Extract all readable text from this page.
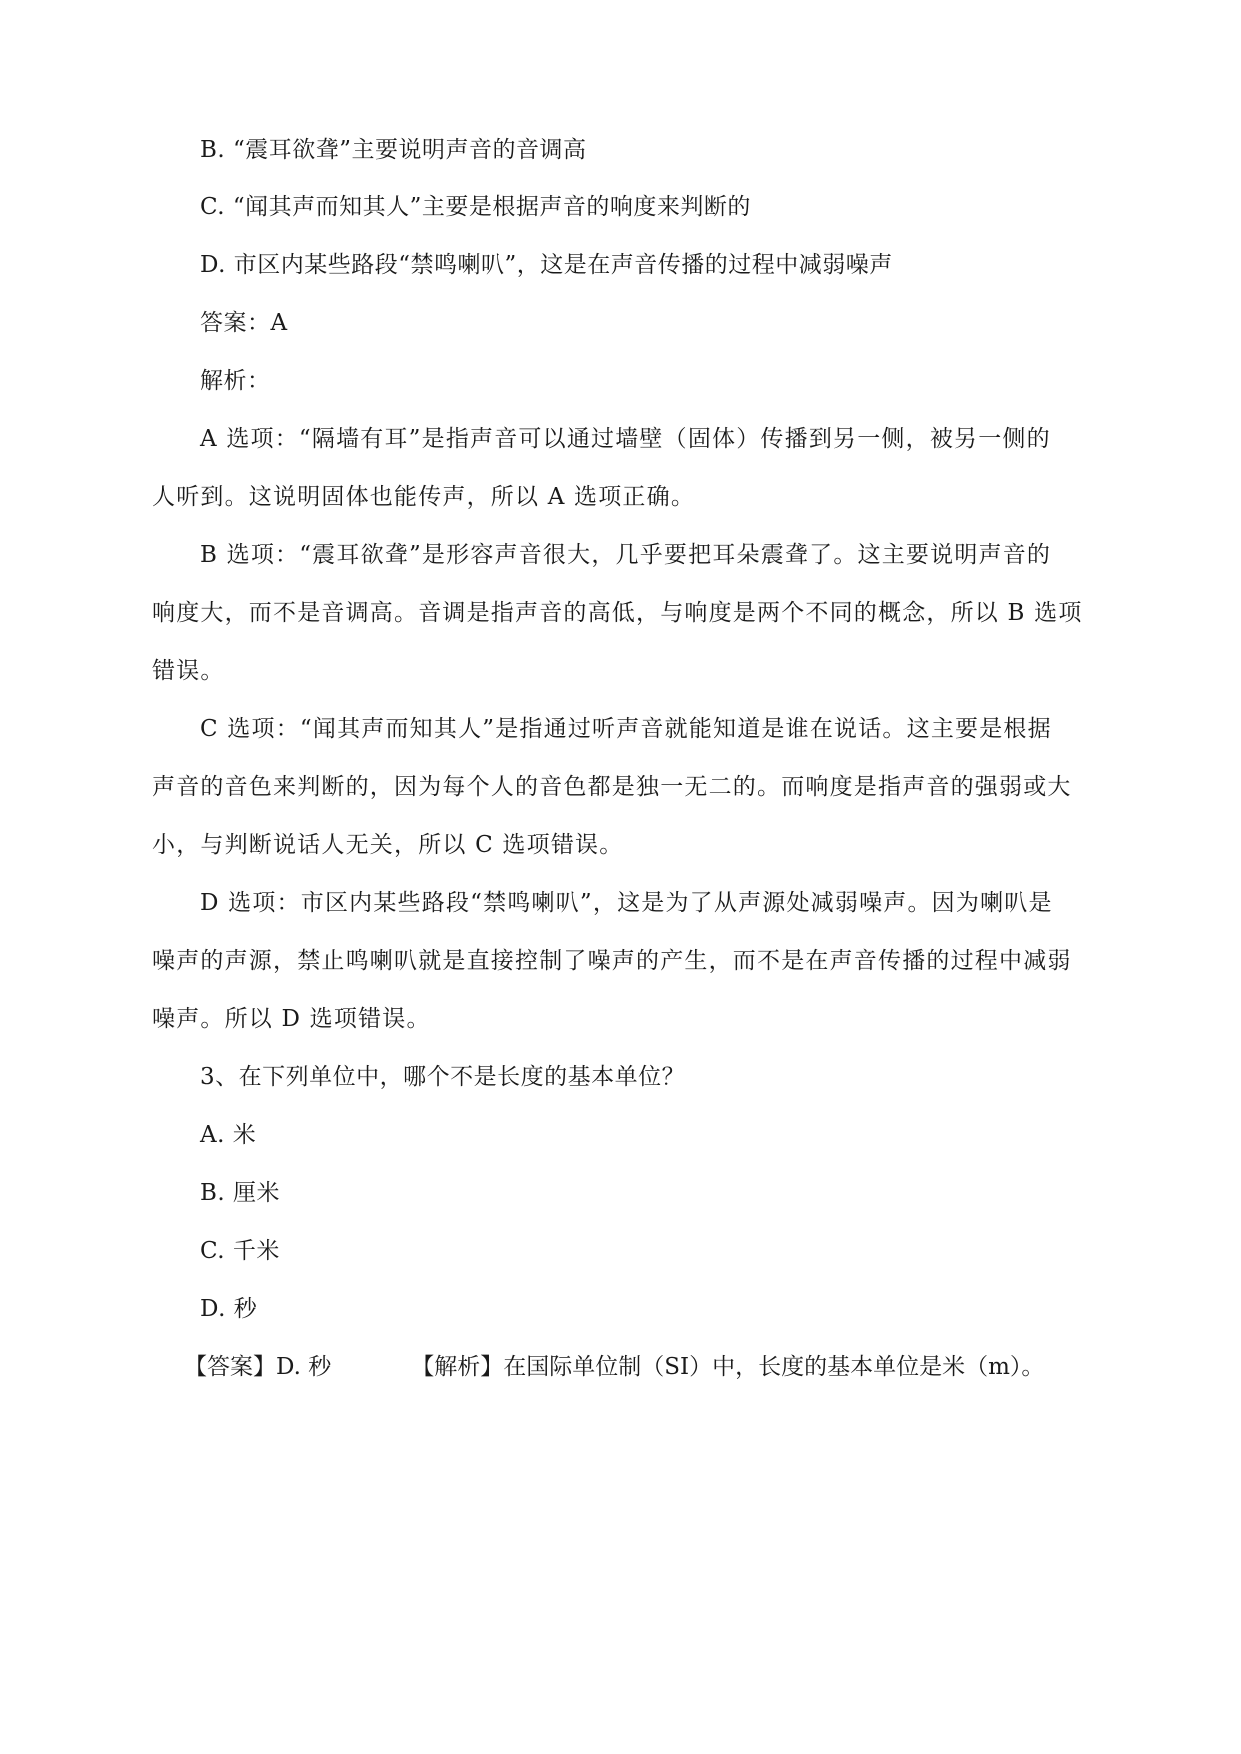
B. “震耳欲聋”主要说明声音的音调高
C. “闻其声而知其人”主要是根据声音的响度来判断的
D. 市区内某些路段“禁鸣喇叭”，这是在声音传播的过程中减弱噪声
答案：A
解析：
A 选项：“隔墙有耳”是指声音可以通过墙壁（固体）传播到另一侧，被另一侧的
人听到。这说明固体也能传声，所以 A 选项正确。
B 选项：“震耳欲聋”是形容声音很大，几乎要把耳朵震聋了。这主要说明声音的
响度大，而不是音调高。音调是指声音的高低，与响度是两个不同的概念，所以 B 选项
错误。
C 选项：“闻其声而知其人”是指通过听声音就能知道是谁在说话。这主要是根据
声音的音色来判断的，因为每个人的音色都是独一无二的。而响度是指声音的强弱或大
小，与判断说话人无关，所以 C 选项错误。
D 选项：市区内某些路段“禁鸣喇叭”，这是为了从声源处减弱噪声。因为喇叭是
噪声的声源，禁止鸣喇叭就是直接控制了噪声的产生，而不是在声音传播的过程中减弱
噪声。所以 D 选项错误。
3、在下列单位中，哪个不是长度的基本单位？
A. 米
B. 厘米
C. 千米
D. 秒
【答案】D. 秒	【解析】在国际单位制（SI）中，长度的基本单位是米（m）。
